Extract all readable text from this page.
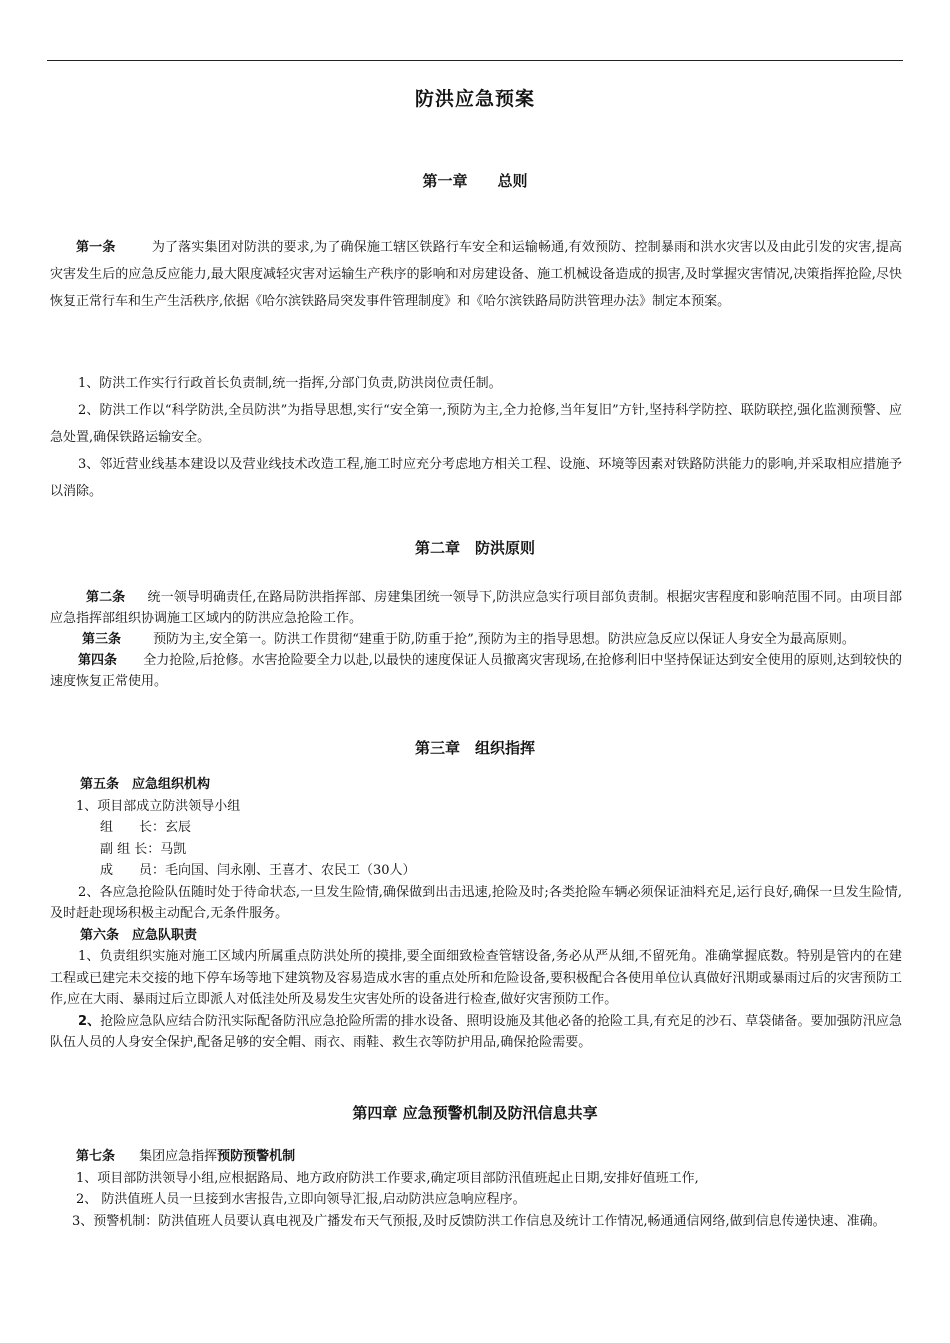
防洪应急预案
第一章　　总则
第一条	为了落实集团对防洪的要求,为了确保施工辖区铁路行车安全和运输畅通,有效预防、控制暴雨和洪水灾害以及由此引发的灾害,提高灾害发生后的应急反应能力,最大限度减轻灾害对运输生产秩序的影响和对房建设备、施工机械设备造成的损害,及时掌握灾害情况,决策指挥抢险,尽快恢复正常行车和生产生活秩序,依据《哈尔滨铁路局突发事件管理制度》和《哈尔滨铁路局防洪管理办法》制定本预案。
1、防洪工作实行行政首长负责制,统一指挥,分部门负责,防洪岗位责任制。
2、防洪工作以“科学防洪,全员防洪”为指导思想,实行“安全第一,预防为主,全力抢修,当年复旧”方针,坚持科学防控、联防联控,强化监测预警、应急处置,确保铁路运输安全。
3、邻近营业线基本建设以及营业线技术改造工程,施工时应充分考虑地方相关工程、设施、环境等因素对铁路防洪能力的影响,并采取相应措施予以消除。
第二章　防洪原则
第二条 统一领导明确责任,在路局防洪指挥部、房建集团统一领导下,防洪应急实行项目部负责制。根据灾害程度和影响范围不同。由项目部应急指挥部组织协调施工区域内的防洪应急抢险工作。
第三条 预防为主,安全第一。防洪工作贯彻“建重于防,防重于抢”,预防为主的指导思想。防洪应急反应以保证人身安全为最高原则。
第四条 全力抢险,后抢修。水害抢险要全力以赴,以最快的速度保证人员撤离灾害现场,在抢修利旧中坚持保证达到安全使用的原则,达到较快的速度恢复正常使用。
第三章　组织指挥
第五条　应急组织机构
1、项目部成立防洪领导小组
组　　长：玄辰
副 组 长：马凯
成　　员：毛向国、闫永刚、王喜才、农民工（30人）
2、各应急抢险队伍随时处于待命状态,一旦发生险情,确保做到出击迅速,抢险及时;各类抢险车辆必须保证油料充足,运行良好,确保一旦发生险情,及时赶赴现场积极主动配合,无条件服务。
第六条　应急队职责
1、负责组织实施对施工区域内所属重点防洪处所的摸排,要全面细致检查管辖设备,务必从严从细,不留死角。准确掌握底数。特别是管内的在建工程或已建完未交接的地下停车场等地下建筑物及容易造成水害的重点处所和危险设备,要积极配合各使用单位认真做好汛期或暴雨过后的灾害预防工作,应在大雨、暴雨过后立即派人对低洼处所及易发生灾害处所的设备进行检查,做好灾害预防工作。
2、抢险应急队应结合防汛实际配备防汛应急抢险所需的排水设备、照明设施及其他必备的抢险工具,有充足的沙石、草袋储备。要加强防汛应急队伍人员的人身安全保护,配备足够的安全帽、雨衣、雨鞋、救生衣等防护用品,确保抢险需要。
第四章 应急预警机制及防汛信息共享
第七条 集团应急指挥预防预警机制
1、项目部防洪领导小组,应根据路局、地方政府防洪工作要求,确定项目部防汛值班起止日期,安排好值班工作,
2、 防洪值班人员一旦接到水害报告,立即向领导汇报,启动防洪应急响应程序。
3、预警机制：防洪值班人员要认真电视及广播发布天气预报,及时反馈防洪工作信息及统计工作情况,畅通通信网络,做到信息传递快速、准确。
